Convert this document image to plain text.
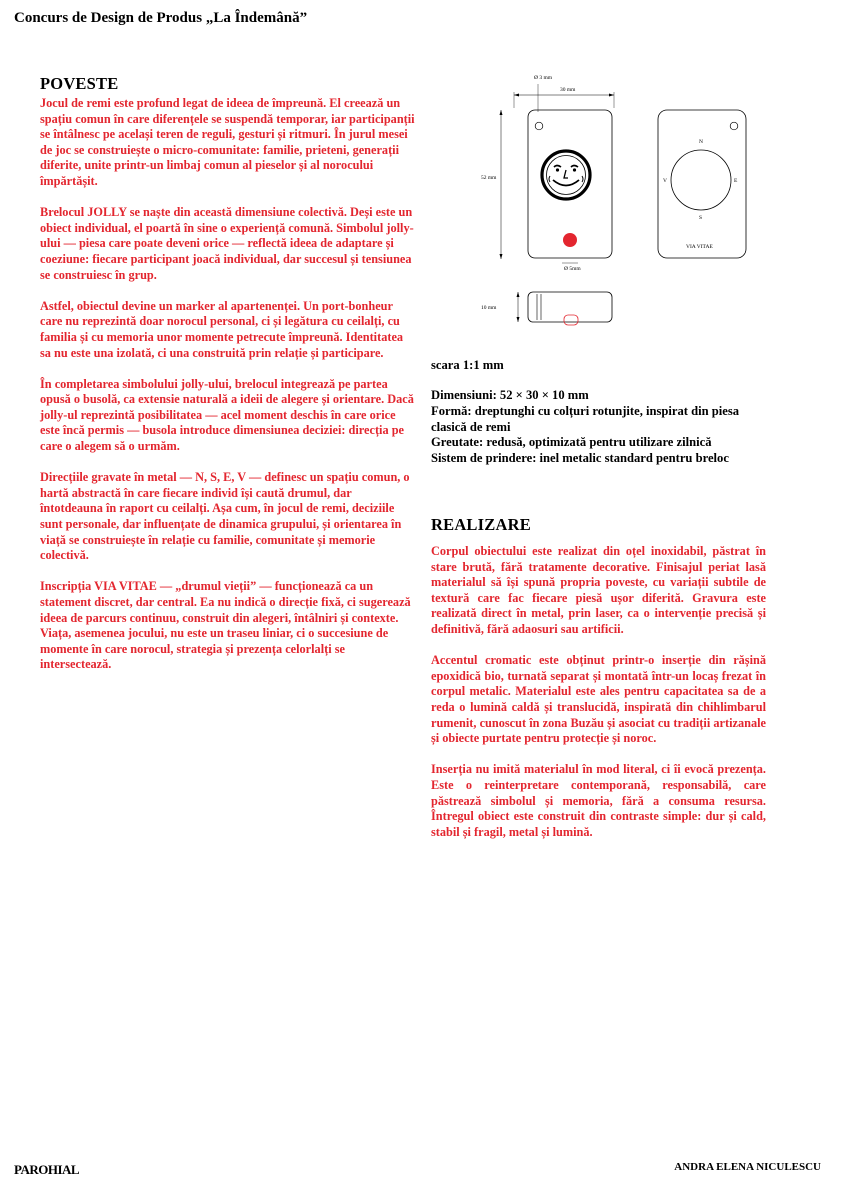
Concurs de Design de Produs „La Îndemână”
POVESTE

Jocul de remi este profund legat de ideea de împreună. El creează un spațiu comun în care diferențele se suspendă temporar, iar participanții se întâlnesc pe același teren de reguli, gesturi și ritmuri. În jurul mesei de joc se construiește o micro-comunitate: familie, prieteni, generații diferite, unite printr-un limbaj comun al pieselor și al norocului împărtășit.

Brelocul JOLLY se naște din această dimensiune colectivă. Deși este un obiect individual, el poartă în sine o experiență comună. Simbolul jolly-ului — piesa care poate deveni orice — reflectă ideea de adaptare și coeziune: fiecare participant joacă individual, dar succesul și tensiunea se construiesc în grup.

Astfel, obiectul devine un marker al apartenenței. Un port-bonheur care nu reprezintă doar norocul personal, ci și legătura cu ceilalți, cu familia și cu memoria unor momente petrecute împreună. Identitatea sa nu este una izolată, ci una construită prin relație și participare.

În completarea simbolului jolly-ului, brelocul integrează pe partea opusă o busolă, ca extensie naturală a ideii de alegere și orientare. Dacă jolly-ul reprezintă posibilitatea — acel moment deschis în care orice este încă permis — busola introduce dimensiunea deciziei: direcția pe care o alegem să o urmăm.

Direcțiile gravate în metal — N, S, E, V — definesc un spațiu comun, o hartă abstractă în care fiecare individ își caută drumul, dar întotdeauna în raport cu ceilalți. Așa cum, în jocul de remi, deciziile sunt personale, dar influențate de dinamica grupului, și orientarea în viață se construiește în relație cu familie, comunitate și memorie colectivă.

Inscripția VIA VITAE — „drumul vieții” — funcționează ca un statement discret, dar central. Ea nu indică o direcție fixă, ci sugerează ideea de parcurs continuu, construit din alegeri, întâlniri și contexte. Viața, asemenea jocului, nu este un traseu liniar, ci o succesiune de momente în care norocul, strategia și prezența celorlalți se intersectează.

Ø 3 mm
30 mm
52 mm
Ø 5mm
N
S
E
V
VIA VITAE
10 mm
scara 1:1 mm
Dimensiuni: 52 × 30 × 10 mm
Formă: dreptunghi cu colțuri rotunjite, inspirat din piesa clasică de remi
Greutate: redusă, optimizată pentru utilizare zilnică
Sistem de prindere: inel metalic standard pentru breloc
REALIZARE

Corpul obiectului este realizat din oțel inoxidabil, păstrat în stare brută, fără tratamente decorative. Finisajul periat lasă materialul să își spună propria poveste, cu variații subtile de textură care fac fiecare piesă ușor diferită. Gravura este realizată direct în metal, prin laser, ca o intervenție precisă și definitivă, fără adaosuri sau artificii.

Accentul cromatic este obținut printr-o inserție din rășină epoxidică bio, turnată separat și montată într-un locaș frezat în corpul metalic. Materialul este ales pentru capacitatea sa de a reda o lumină caldă și translucidă, inspirată din chihlimbarul rumenit, cunoscut în zona Buzău și asociat cu tradiții artizanale și obiecte purtate pentru protecție și noroc.

Inserția nu imită materialul în mod literal, ci îi evocă prezența. Este o reinterpretare contemporană, responsabilă, care păstrează simbolul și memoria, fără a consuma resursa. Întregul obiect este construit din contraste simple: dur și cald, stabil și fragil, metal și lumină.

PAROHIAL	ANDRA ELENA NICULESCU
